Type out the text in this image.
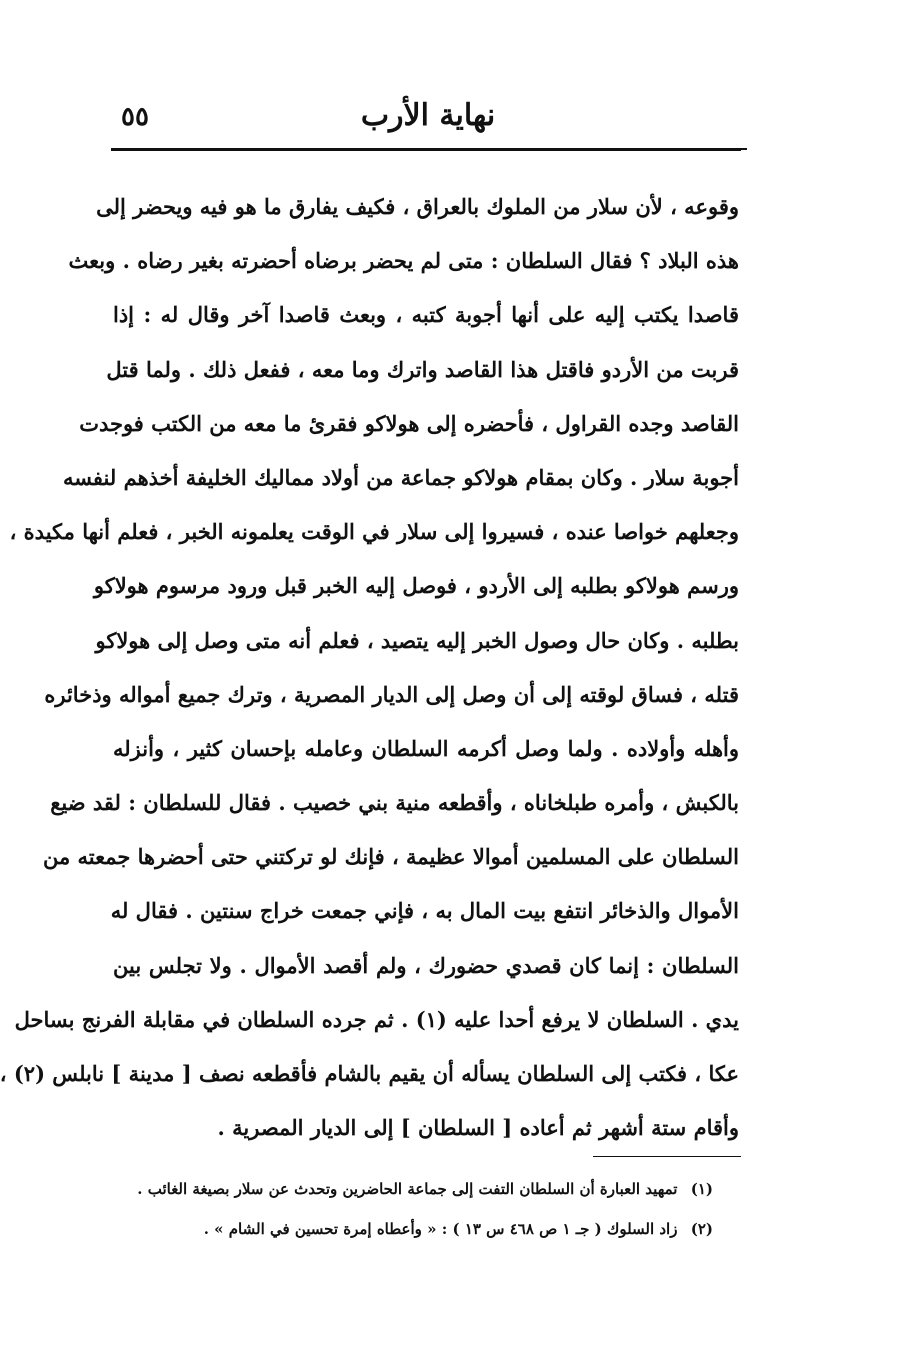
نهاية الأرب
٥٥
وقوعه ، لأن سلار من الملوك بالعراق ، فكيف يفارق ما هو فيه ويحضر إلى
هذه البلاد ؟ فقال السلطان : متى لم يحضر برضاه أحضرته بغير رضاه . وبعث
قاصدا يكتب إليه على أنها أجوبة كتبه ، وبعث قاصدا آخر وقال له : إذا
قربت من الأردو فاقتل هذا القاصد واترك وما معه ، ففعل ذلك . ولما قتل
القاصد وجده القراول ، فأحضره إلى هولاكو فقرئ ما معه من الكتب فوجدت
أجوبة سلار . وكان بمقام هولاكو جماعة من أولاد مماليك الخليفة أخذهم لنفسه
وجعلهم خواصا عنده ، فسيروا إلى سلار في الوقت يعلمونه الخبر ، فعلم أنها مكيدة ،
ورسم هولاكو بطلبه إلى الأردو ، فوصل إليه الخبر قبل ورود مرسوم هولاكو
بطلبه . وكان حال وصول الخبر إليه يتصيد ، فعلم أنه متى وصل إلى هولاكو
قتله ، فساق لوقته إلى أن وصل إلى الديار المصرية ، وترك جميع أمواله وذخائره
وأهله وأولاده . ولما وصل أكرمه السلطان وعامله بإحسان كثير ، وأنزله
بالكبش ، وأمره طبلخاناه ، وأقطعه منية بني خصيب . فقال للسلطان : لقد ضيع
السلطان على المسلمين أموالا عظيمة ، فإنك لو تركتني حتى أحضرها جمعته من
الأموال والذخائر انتفع بيت المال به ، فإني جمعت خراج سنتين . فقال له
السلطان : إنما كان قصدي حضورك ، ولم أقصد الأموال . ولا تجلس بين
يدي . السلطان لا يرفع أحدا عليه (١) . ثم جرده السلطان في مقابلة الفرنج بساحل
عكا ، فكتب إلى السلطان يسأله أن يقيم بالشام فأقطعه نصف [ مدينة ] نابلس (٢) ،
وأقام ستة أشهر ثم أعاده [ السلطان ] إلى الديار المصرية .
(١) تمهيد العبارة أن السلطان التفت إلى جماعة الحاضرين وتحدث عن سلار بصيغة الغائب .
(٢) زاد السلوك ( جـ ١ ص ٤٦٨ س ١٣ ) : « وأعطاه إمرة تحسين في الشام » .
